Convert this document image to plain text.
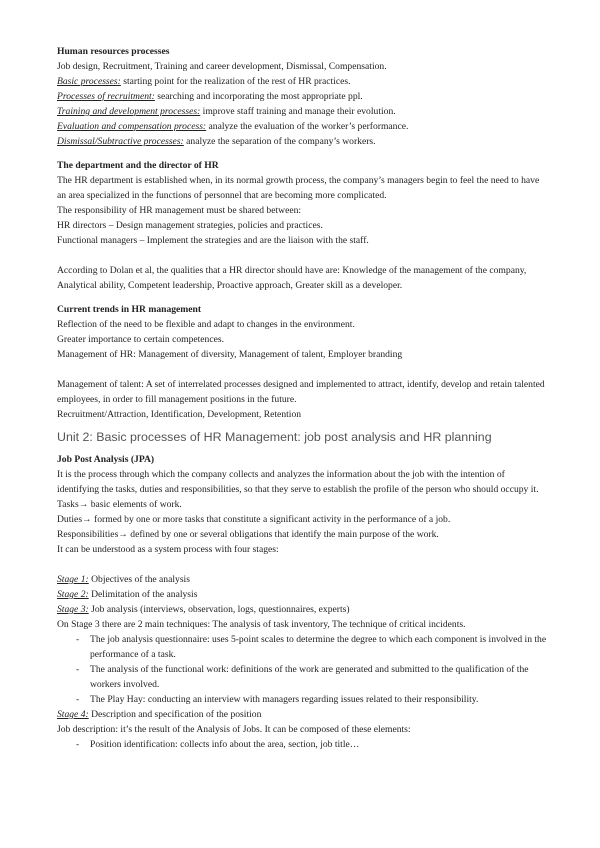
Human resources processes
Job design, Recruitment, Training and career development, Dismissal, Compensation.
Basic processes: starting point for the realization of the rest of HR practices.
Processes of recruitment: searching and incorporating the most appropriate ppl.
Training and development processes: improve staff training and manage their evolution.
Evaluation and compensation process: analyze the evaluation of the worker’s performance.
Dismissal/Subtractive processes: analyze the separation of the company’s workers.
The department and the director of HR
The HR department is established when, in its normal growth process, the company’s managers begin to feel the need to have an area specialized in the functions of personnel that are becoming more complicated.
The responsibility of HR management must be shared between:
HR directors – Design management strategies, policies and practices.
Functional managers – Implement the strategies and are the liaison with the staff.
According to Dolan et al, the qualities that a HR director should have are: Knowledge of the management of the company, Analytical ability, Competent leadership, Proactive approach, Greater skill as a developer.
Current trends in HR management
Reflection of the need to be flexible and adapt to changes in the environment.
Greater importance to certain competences.
Management of HR: Management of diversity, Management of talent, Employer branding
Management of talent: A set of interrelated processes designed and implemented to attract, identify, develop and retain talented employees, in order to fill management positions in the future.
Recruitment/Attraction, Identification, Development, Retention
Unit 2: Basic processes of HR Management: job post analysis and HR planning
Job Post Analysis (JPA)
It is the process through which the company collects and analyzes the information about the job with the intention of identifying the tasks, duties and responsibilities, so that they serve to establish the profile of the person who should occupy it.
Tasks→ basic elements of work.
Duties→ formed by one or more tasks that constitute a significant activity in the performance of a job.
Responsibilities→ defined by one or several obligations that identify the main purpose of the work.
It can be understood as a system process with four stages:
Stage 1: Objectives of the analysis
Stage 2: Delimitation of the analysis
Stage 3: Job analysis (interviews, observation, logs, questionnaires, experts)
On Stage 3 there are 2 main techniques: The analysis of task inventory, The technique of critical incidents.
- The job analysis questionnaire: uses 5-point scales to determine the degree to which each component is involved in the performance of a task.
- The analysis of the functional work: definitions of the work are generated and submitted to the qualification of the workers involved.
- The Play Hay: conducting an interview with managers regarding issues related to their responsibility.
Stage 4: Description and specification of the position
Job description: it’s the result of the Analysis of Jobs. It can be composed of these elements:
- Position identification: collects info about the area, section, job title…
